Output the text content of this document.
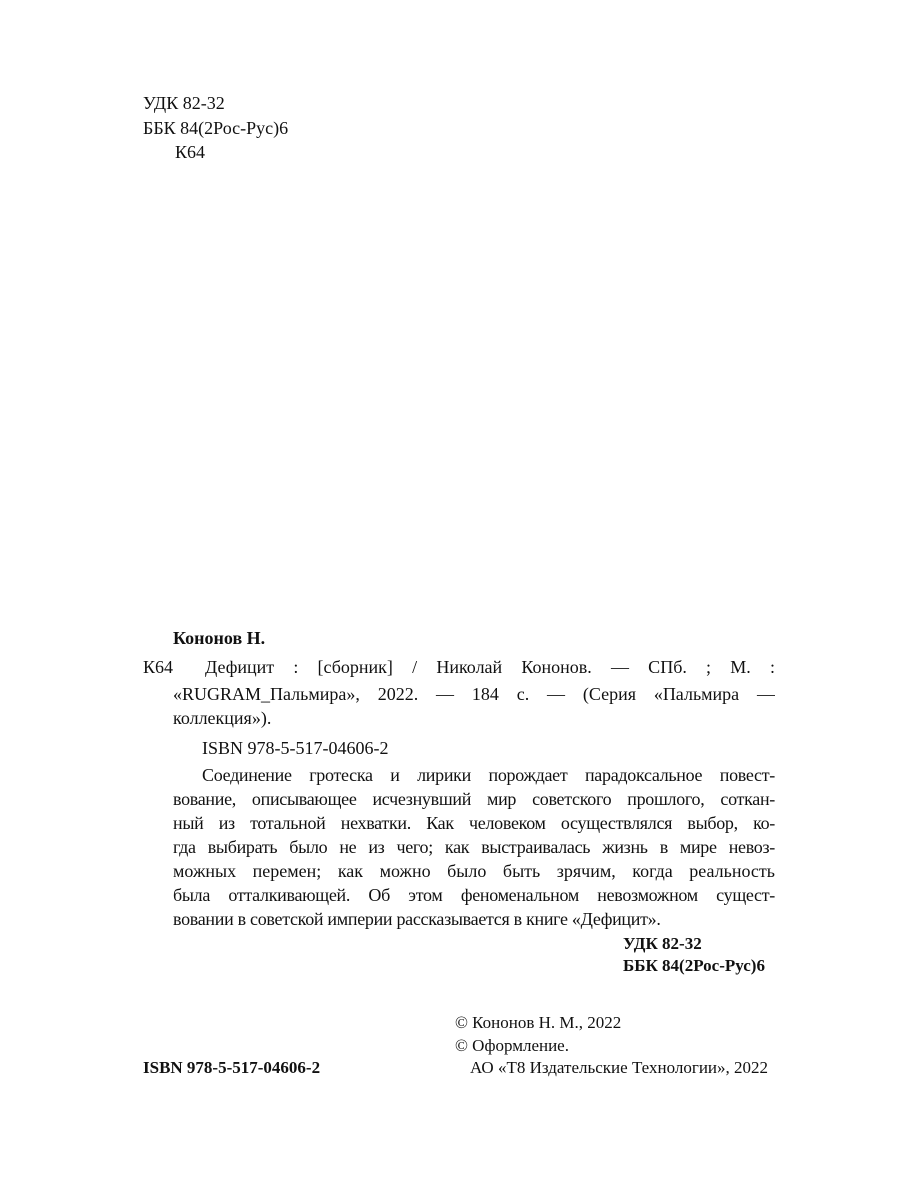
УДК 82-32
ББК 84(2Рос-Рус)6
К64
Кононов Н.
К64 Дефицит : [сборник] / Николай Кононов. — СПб. ; М. :
«RUGRAM_Пальмира», 2022. — 184 с. — (Серия «Пальмира —
коллекция»).
ISBN 978-5-517-04606-2
Соединение гротеска и лирики порождает парадоксальное повест-
вование, описывающее исчезнувший мир советского прошлого, соткан-
ный из тотальной нехватки. Как человеком осуществлялся выбор, ко-
гда выбирать было не из чего; как выстраивалась жизнь в мире невоз-
можных перемен; как можно было быть зрячим, когда реальность
была отталкивающей. Об этом феноменальном невозможном сущест-
вовании в советской империи рассказывается в книге «Дефицит».
УДК 82-32
ББК 84(2Рос-Рус)6
© Кононов Н. М., 2022
© Оформление.
АО «Т8 Издательские Технологии», 2022
ISBN 978-5-517-04606-2
